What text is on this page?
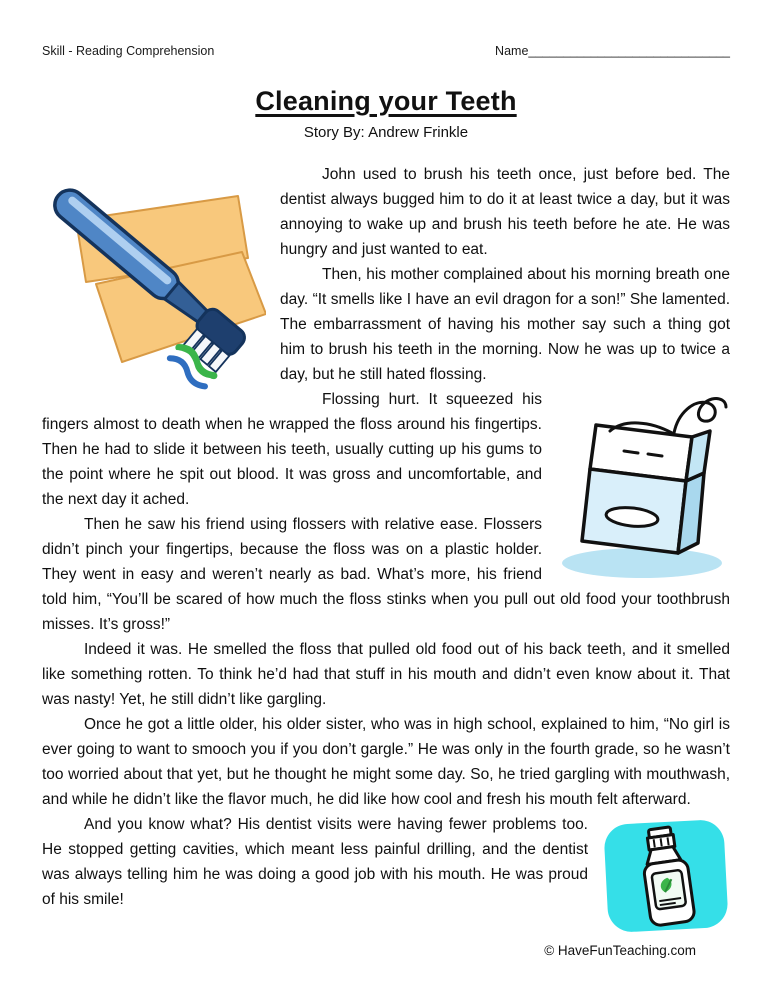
Skill - Reading Comprehension	Name_____________________________
Cleaning your Teeth
Story By: Andrew Frinkle

John used to brush his teeth once, just before bed. The dentist always bugged him to do it at least twice a day, but it was annoying to wake up and brush his teeth before he ate. He was hungry and just wanted to eat.

Then, his mother complained about his morning breath one day. “It smells like I have an evil dragon for a son!” She lamented. The embarrassment of having his mother say such a thing got him to brush his teeth in the morning. Now he was up to twice a day, but he still hated flossing.

Flossing hurt. It squeezed his fingers almost to death when he wrapped the floss around his fingertips. Then he had to slide it between his teeth, usually cutting up his gums to the point where he spit out blood. It was gross and uncomfortable, and the next day it ached.

Then he saw his friend using flossers with relative ease. Flossers didn’t pinch your fingertips, because the floss was on a plastic holder. They went in easy and weren’t nearly as bad. What’s more, his friend told him, “You’ll be scared of how much the floss stinks when you pull out old food your toothbrush misses. It’s gross!”

Indeed it was. He smelled the floss that pulled old food out of his back teeth, and it smelled like something rotten. To think he’d had that stuff in his mouth and didn’t even know about it. That was nasty! Yet, he still didn’t like gargling.

Once he got a little older, his older sister, who was in high school, explained to him, “No girl is ever going to want to smooch you if you don’t gargle.” He was only in the fourth grade, so he wasn’t too worried about that yet, but he thought he might some day. So, he tried gargling with mouthwash, and while he didn’t like the flavor much, he did like how cool and fresh his mouth felt afterward.

And you know what? His dentist visits were having fewer problems too. He stopped getting cavities, which meant less painful drilling, and the dentist was always telling him he was doing a good job with his mouth. He was proud of his smile!

© HaveFunTeaching.com
